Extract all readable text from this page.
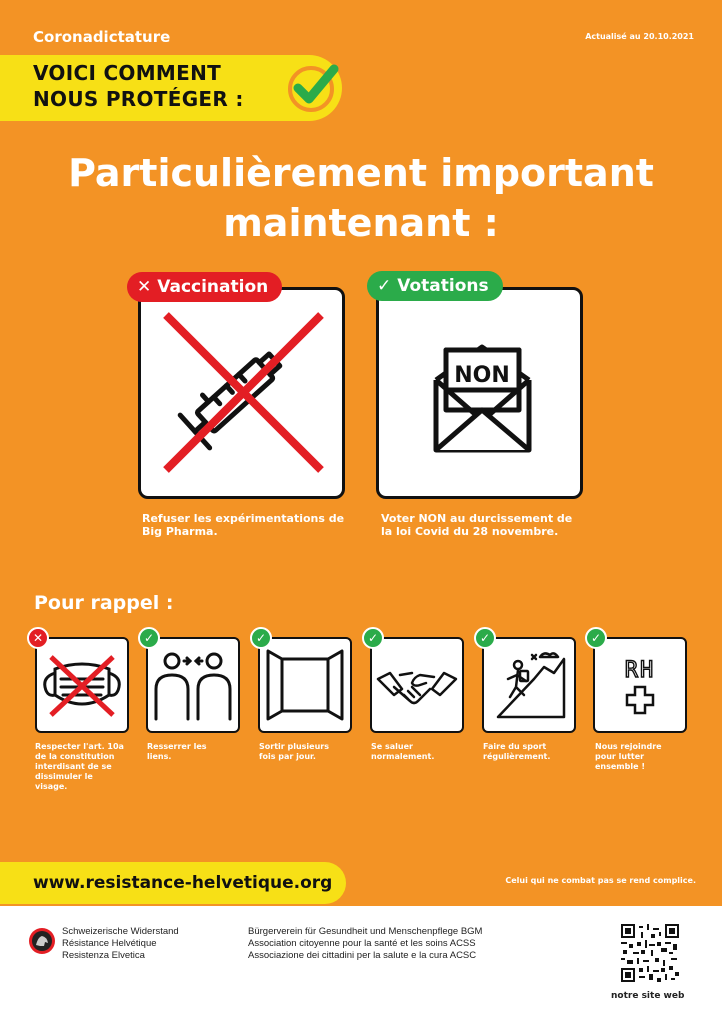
Coronadictature	Actualisé au 20.10.2021
VOICI COMMENT
NOUS PROTÉGER :
Particulièrement important
maintenant :
✕ Vaccination
Refuser les expérimentations de Big Pharma.
NON
✓ Votations
Voter NON au durcissement de la loi Covid du 28 novembre.
Pour rappel :
RH
✕	✓	✓	✓	✓	✓
Respecter l'art. 10a de la constitution interdisant de se dissimuler le visage.
Resserrer les liens.
Sortir plusieurs fois par jour.
Se saluer normalement.
Faire du sport régulièrement.
Nous rejoindre pour lutter ensemble !
www.resistance-helvetique.org	Celui qui ne combat pas se rend complice.
Schweizerische Widerstand
Résistance Helvétique
Resistenza Elvetica
Bürgerverein für Gesundheit und Menschenpflege BGM
Association citoyenne pour la santé et les soins ACSS
Associazione dei cittadini per la salute e la cura ACSC
notre site web
